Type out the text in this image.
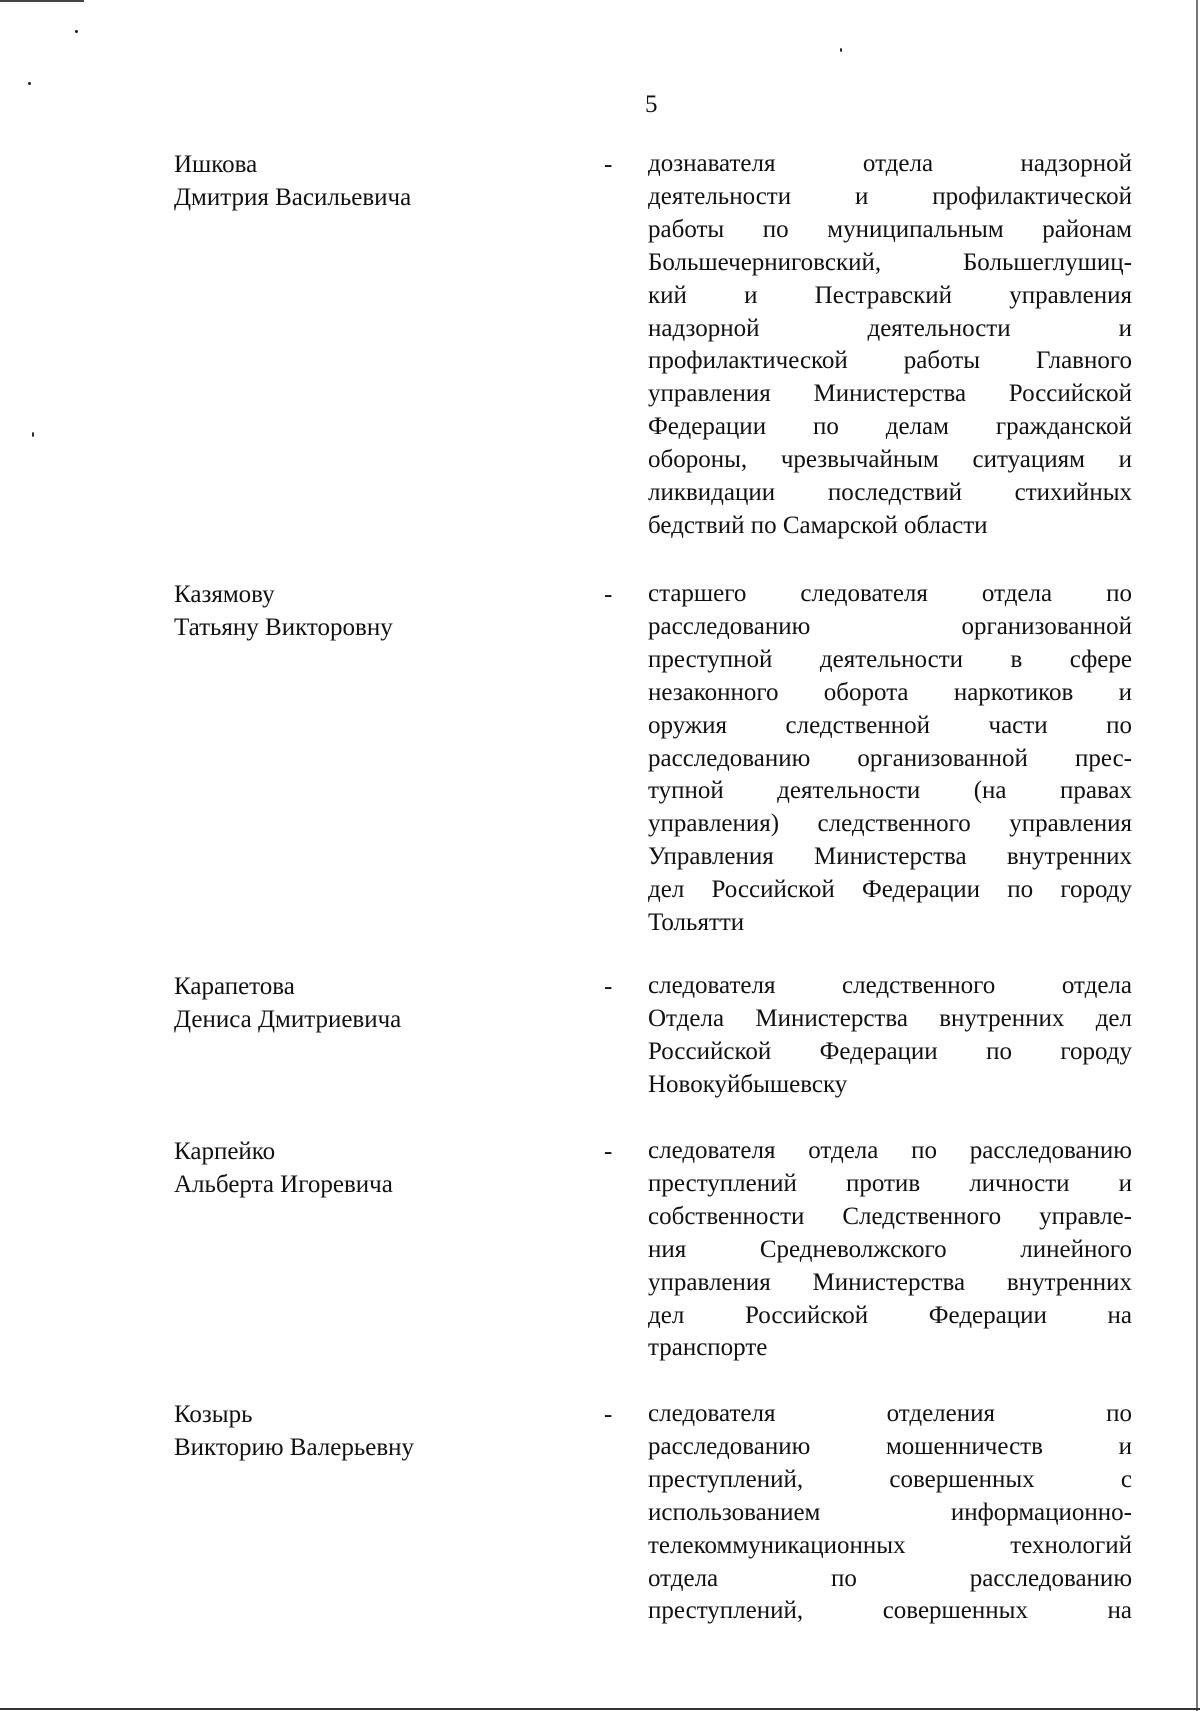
5
Ишкова
Дмитрия Васильевича
- дознавателя отдела надзорной
деятельности и профилактической
работы по муниципальным районам
Большечерниговский, Большеглушиц-
кий и Пестравский управления
надзорной деятельности и
профилактической работы Главного
управления Министерства Российской
Федерации по делам гражданской
обороны, чрезвычайным ситуациям и
ликвидации последствий стихийных
бедствий по Самарской области
Казямову
Татьяну Викторовну
- старшего следователя отдела по
расследованию организованной
преступной деятельности в сфере
незаконного оборота наркотиков и
оружия следственной части по
расследованию организованной прес-
тупной деятельности (на правах
управления) следственного управления
Управления Министерства внутренних
дел Российской Федерации по городу
Тольятти
Карапетова
Дениса Дмитриевича
- следователя следственного отдела
Отдела Министерства внутренних дел
Российской Федерации по городу
Новокуйбышевску
Карпейко
Альберта Игоревича
- следователя отдела по расследованию
преступлений против личности и
собственности Следственного управле-
ния Средневолжского линейного
управления Министерства внутренних
дел Российской Федерации на
транспорте
Козырь
Викторию Валерьевну
- следователя отделения по
расследованию мошенничеств и
преступлений, совершенных с
использованием информационно-
телекоммуникационных технологий
отдела по расследованию
преступлений, совершенных на
